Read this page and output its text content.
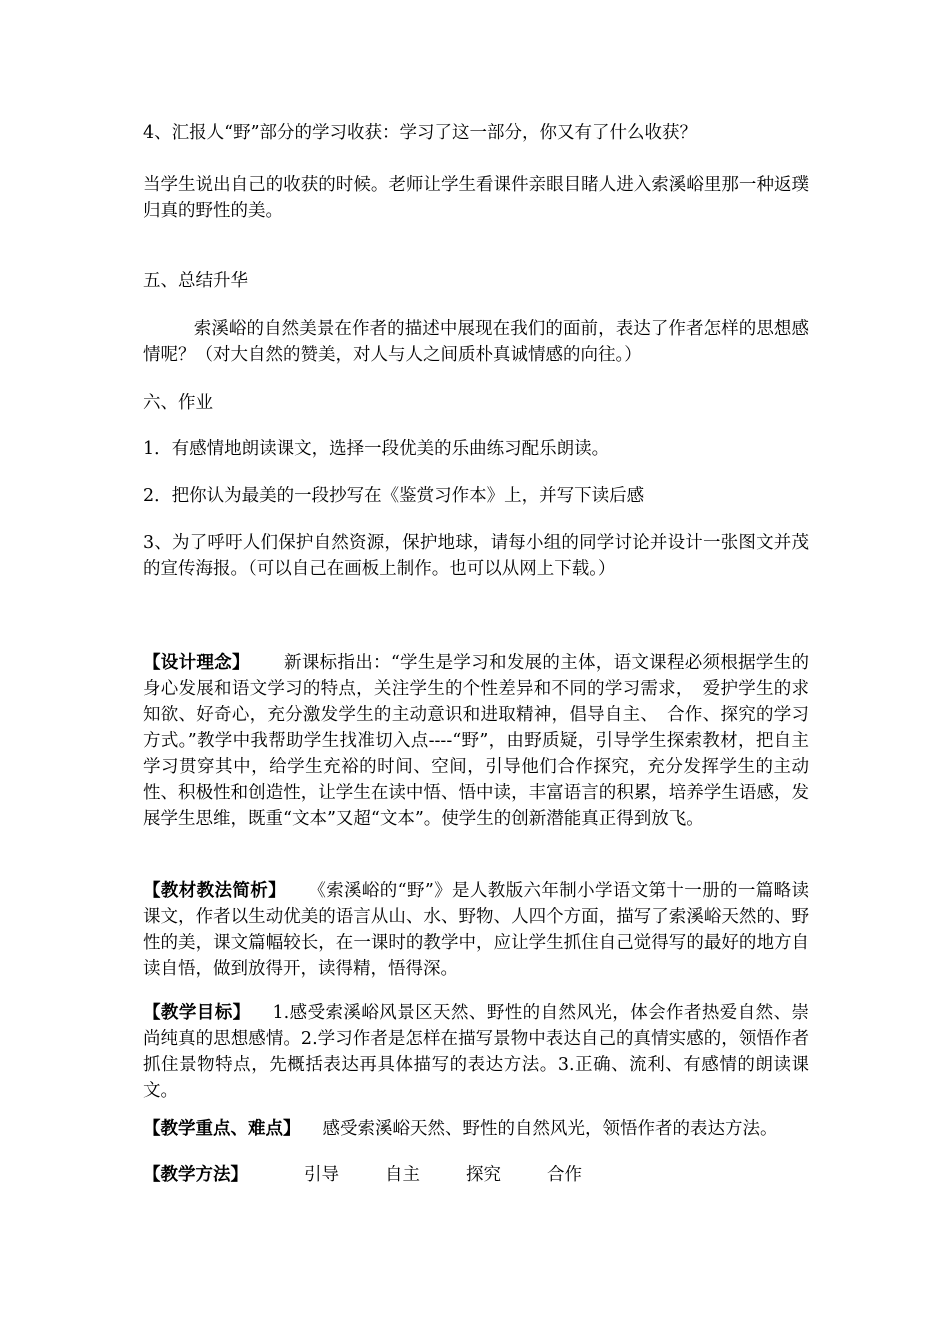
4、汇报人“野”部分的学习收获：学习了这一部分，你又有了什么收获？

当学生说出自己的收获的时候。老师让学生看课件亲眼目睹人进入索溪峪里那一种返璞归真的野性的美。

五、总结升华

索溪峪的自然美景在作者的描述中展现在我们的面前，表达了作者怎样的思想感情呢？（对大自然的赞美，对人与人之间质朴真诚情感的向往。）

六、作业

1．有感情地朗读课文，选择一段优美的乐曲练习配乐朗读。

2．把你认为最美的一段抄写在《鉴赏习作本》上，并写下读后感

3、为了呼吁人们保护自然资源，保护地球，请每小组的同学讨论并设计一张图文并茂的宣传海报。（可以自己在画板上制作。也可以从网上下载。）

【设计理念】 新课标指出：“学生是学习和发展的主体，语文课程必须根据学生的身心发展和语文学习的特点，关注学生的个性差异和不同的学习需求，　爱护学生的求知欲、好奇心，充分激发学生的主动意识和进取精神，倡导自主、　合作、探究的学习方式。”教学中我帮助学生找准切入点----“野”，由野质疑，引导学生探索教材，把自主学习贯穿其中，给学生充裕的时间、空间，引导他们合作探究，充分发挥学生的主动性、积极性和创造性，让学生在读中悟、悟中读，丰富语言的积累，培养学生语感，发展学生思维，既重“文本”又超“文本”。使学生的创新潜能真正得到放飞。

【教材教法简析】 《索溪峪的“野”》是人教版六年制小学语文第十一册的一篇略读课文，作者以生动优美的语言从山、水、野物、人四个方面，描写了索溪峪天然的、野性的美，课文篇幅较长，在一课时的教学中，应让学生抓住自己觉得写的最好的地方自读自悟，做到放得开，读得精，悟得深。

【教学目标】 1.感受索溪峪风景区天然、野性的自然风光，体会作者热爱自然、崇尚纯真的思想感情。2.学习作者是怎样在描写景物中表达自己的真情实感的，领悟作者抓住景物特点，先概括表达再具体描写的表达方法。3.正确、流利、有感情的朗读课文。

【教学重点、难点】 感受索溪峪天然、野性的自然风光，领悟作者的表达方法。

【教学方法】	引导	自主	探究	合作
